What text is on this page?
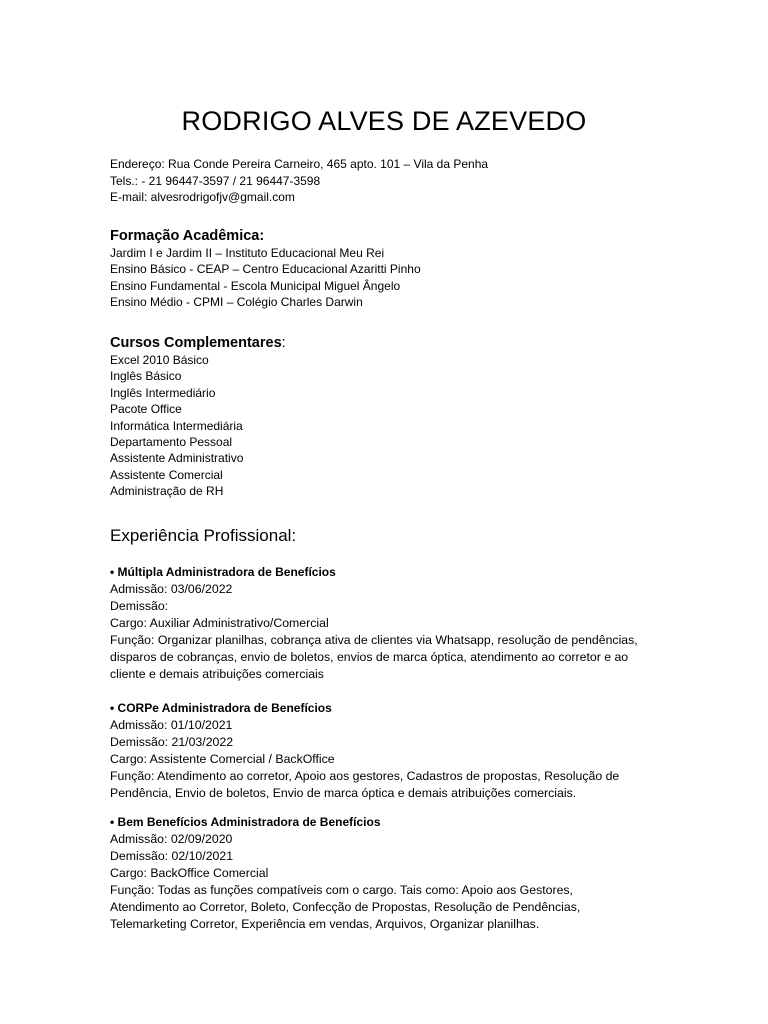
RODRIGO ALVES DE AZEVEDO
Endereço: Rua Conde Pereira Carneiro, 465 apto. 101 – Vila da Penha
Tels.: - 21 96447-3597 / 21 96447-3598
E-mail: alvesrodrigofjv@gmail.com
Formação Acadêmica:
Jardim I e Jardim II – Instituto Educacional Meu Rei
Ensino Básico - CEAP – Centro Educacional Azaritti Pinho
Ensino Fundamental - Escola Municipal Miguel Ângelo
Ensino Médio - CPMI – Colégio Charles Darwin
Cursos Complementares:
Excel 2010 Básico
Inglês Básico
Inglês Intermediário
Pacote Office
Informática Intermediária
Departamento Pessoal
Assistente Administrativo
Assistente Comercial
Administração de RH
Experiência Profissional:
• Múltipla Administradora de Benefícios
Admissão: 03/06/2022
Demissão:
Cargo: Auxiliar Administrativo/Comercial
Função: Organizar planilhas, cobrança ativa de clientes via Whatsapp, resolução de pendências, disparos de cobranças, envio de boletos, envios de marca óptica, atendimento ao corretor e ao cliente e demais atribuições comerciais
• CORPe Administradora de Benefícios
Admissão: 01/10/2021
Demissão: 21/03/2022
Cargo: Assistente Comercial / BackOffice
Função: Atendimento ao corretor, Apoio aos gestores, Cadastros de propostas, Resolução de Pendência, Envio de boletos, Envio de marca óptica e demais atribuições comerciais.
• Bem Benefícios Administradora de Benefícios
Admissão: 02/09/2020
Demissão: 02/10/2021
Cargo: BackOffice Comercial
Função: Todas as funções compatíveis com o cargo. Tais como: Apoio aos Gestores, Atendimento ao Corretor, Boleto, Confecção de Propostas, Resolução de Pendências, Telemarketing Corretor, Experiência em vendas, Arquivos, Organizar planilhas.
